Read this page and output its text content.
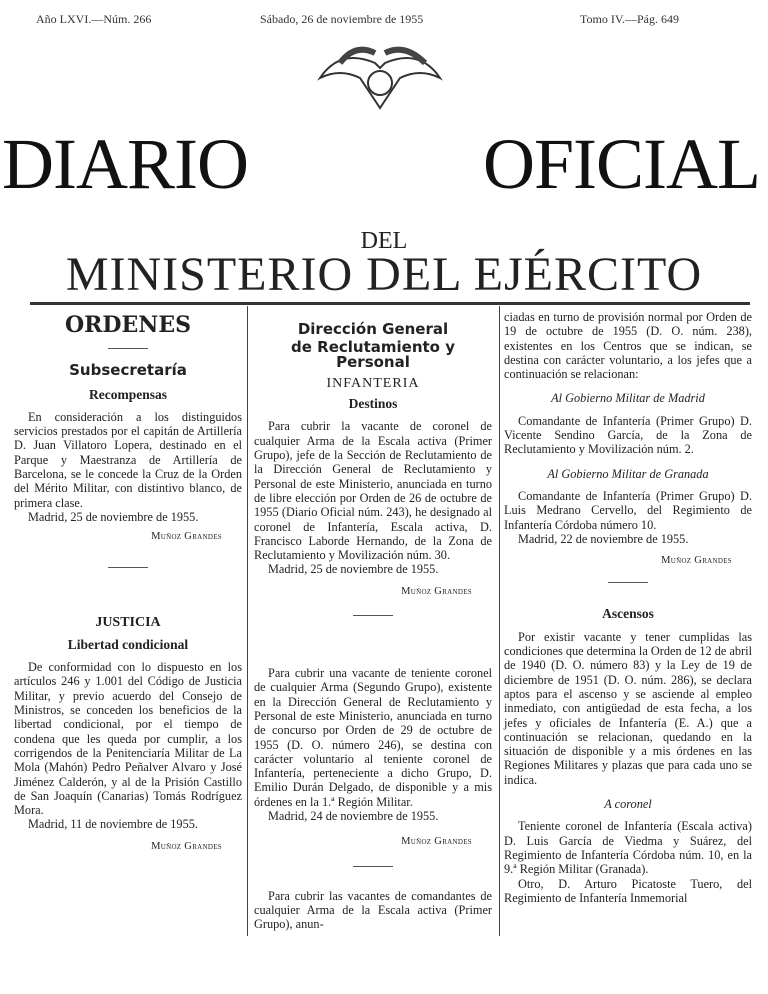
Año LXVI.—Núm. 266	Sábado, 26 de noviembre de 1955	Tomo IV.—Pág. 649
DIARIO	OFICIAL
DEL
MINISTERIO DEL EJÉRCITO
ORDENES
Subsecretaría
Recompensas

En consideración a los distinguidos servicios prestados por el capitán de Artillería D. Juan Villatoro Lopera, destinado en el Parque y Maestranza de Artillería de Barcelona, se le concede la Cruz de la Orden del Mérito Militar, con distintivo blanco, de primera clase.

Madrid, 25 de noviembre de 1955.
Muñoz Grandes
JUSTICIA
Libertad condicional

De conformidad con lo dispuesto en los artículos 246 y 1.001 del Código de Justicia Militar, y previo acuerdo del Consejo de Ministros, se conceden los beneficios de la libertad condicional, por el tiempo de condena que les queda por cumplir, a los corrigendos de la Penitenciaría Militar de La Mola (Mahón) Pedro Peñalver Alvaro y José Jiménez Calderón, y al de la Prisión Castillo de San Joaquín (Canarias) Tomás Rodríguez Mora.

Madrid, 11 de noviembre de 1955.
Muñoz Grandes
Dirección General
de Reclutamiento y Personal
INFANTERIA
Destinos

Para cubrir la vacante de coronel de cualquier Arma de la Escala activa (Primer Grupo), jefe de la Sección de Reclutamiento de la Dirección General de Reclutamiento y Personal de este Ministerio, anunciada en turno de libre elección por Orden de 26 de octubre de 1955 (Diario Oficial núm. 243), he designado al coronel de Infantería, Escala activa, D. Francisco Laborde Hernando, de la Zona de Reclutamiento y Movilización núm. 30.

Madrid, 25 de noviembre de 1955.
Muñoz Grandes

Para cubrir una vacante de teniente coronel de cualquier Arma (Segundo Grupo), existente en la Dirección General de Reclutamiento y Personal de este Ministerio, anunciada en turno de concurso por Orden de 29 de octubre de 1955 (D. O. número 246), se destina con carácter voluntario al teniente coronel de Infantería, perteneciente a dicho Grupo, D. Emilio Durán Delgado, de disponible y a mis órdenes en la 1.ª Región Militar.

Madrid, 24 de noviembre de 1955.
Muñoz Grandes

Para cubrir las vacantes de comandantes de cualquier Arma de la Escala activa (Primer Grupo), anun-

ciadas en turno de provisión normal por Orden de 19 de octubre de 1955 (D. O. núm. 238), existentes en los Centros que se indican, se destina con carácter voluntario, a los jefes que a continuación se relacionan:

Al Gobierno Militar de Madrid

Comandante de Infantería (Primer Grupo) D. Vicente Sendino García, de la Zona de Reclutamiento y Movilización núm. 2.

Al Gobierno Militar de Granada

Comandante de Infantería (Primer Grupo) D. Luis Medrano Cervello, del Regimiento de Infantería Córdoba número 10.

Madrid, 22 de noviembre de 1955.
Muñoz Grandes
Ascensos

Por existir vacante y tener cumplidas las condiciones que determina la Orden de 12 de abril de 1940 (D. O. número 83) y la Ley de 19 de diciembre de 1951 (D. O. núm. 286), se declara aptos para el ascenso y se asciende al empleo inmediato, con antigüedad de esta fecha, a los jefes y oficiales de Infantería (E. A.) que a continuación se relacionan, quedando en la situación de disponible y a mis órdenes en las Regiones Militares y plazas que para cada uno se indica.

A coronel

Teniente coronel de Infantería (Escala activa) D. Luis García de Viedma y Suárez, del Regimiento de Infantería Córdoba núm. 10, en la 9.ª Región Militar (Granada).

Otro, D. Arturo Picatoste Tuero, del Regimiento de Infantería Inmemorial
